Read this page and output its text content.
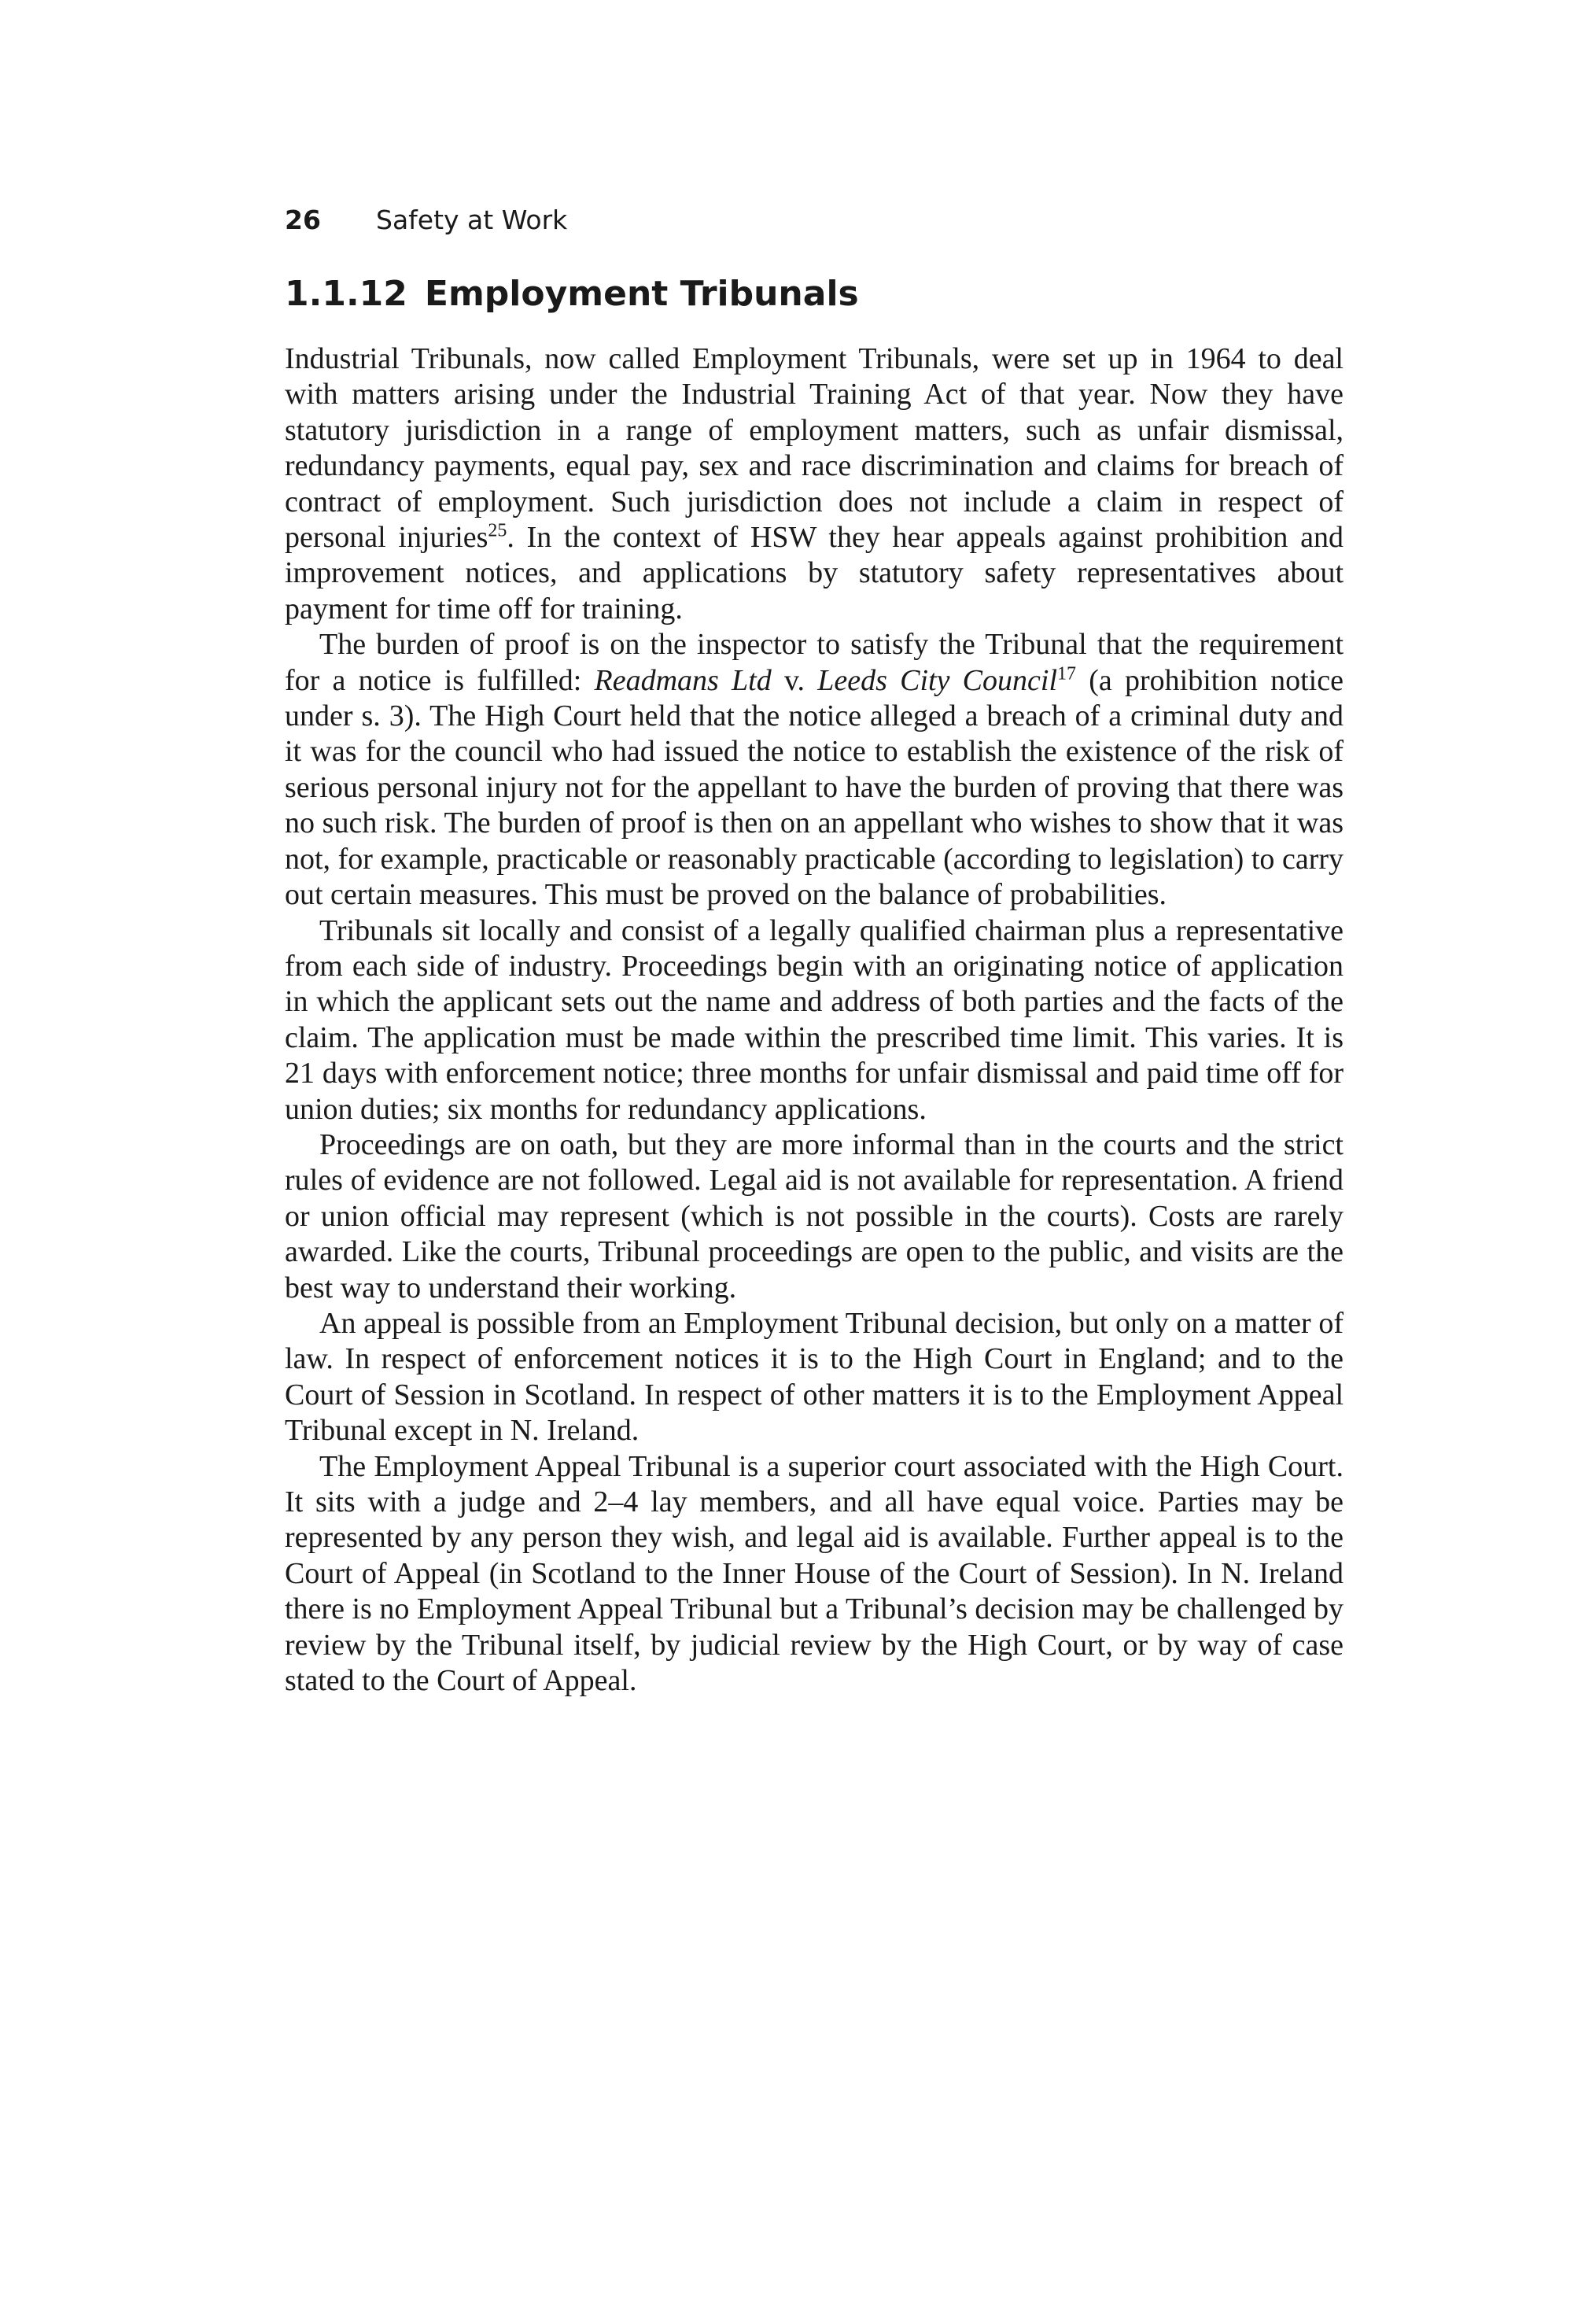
26 Safety at Work
1.1.12 Employment Tribunals

Industrial Tribunals, now called Employment Tribunals, were set up in 1964 to deal with matters arising under the Industrial Training Act of that year. Now they have statutory jurisdiction in a range of employment matters, such as unfair dismissal, redundancy payments, equal pay, sex and race discrimination and claims for breach of contract of employment. Such jurisdiction does not include a claim in respect of personal injuries$^{25}$. In the context of HSW they hear appeals against prohibition and improvement notices, and applications by statutory safety representatives about payment for time off for training.

The burden of proof is on the inspector to satisfy the Tribunal that the requirement for a notice is fulfilled: Readmans Ltd v. Leeds City Council$^{17}$ (a prohibition notice under s. 3). The High Court held that the notice alleged a breach of a criminal duty and it was for the council who had issued the notice to establish the existence of the risk of serious personal injury not for the appellant to have the burden of proving that there was no such risk. The burden of proof is then on an appellant who wishes to show that it was not, for example, practicable or reasonably practicable (according to legislation) to carry out certain measures. This must be proved on the balance of probabilities.

Tribunals sit locally and consist of a legally qualified chairman plus a representative from each side of industry. Proceedings begin with an originating notice of application in which the applicant sets out the name and address of both parties and the facts of the claim. The application must be made within the prescribed time limit. This varies. It is 21 days with enforcement notice; three months for unfair dismissal and paid time off for union duties; six months for redundancy applications.

Proceedings are on oath, but they are more informal than in the courts and the strict rules of evidence are not followed. Legal aid is not available for representation. A friend or union official may represent (which is not possible in the courts). Costs are rarely awarded. Like the courts, Tribunal proceedings are open to the public, and visits are the best way to understand their working.

An appeal is possible from an Employment Tribunal decision, but only on a matter of law. In respect of enforcement notices it is to the High Court in England; and to the Court of Session in Scotland. In respect of other matters it is to the Employment Appeal Tribunal except in N. Ireland.

The Employment Appeal Tribunal is a superior court associated with the High Court. It sits with a judge and 2–4 lay members, and all have equal voice. Parties may be represented by any person they wish, and legal aid is available. Further appeal is to the Court of Appeal (in Scotland to the Inner House of the Court of Session). In N. Ireland there is no Employment Appeal Tribunal but a Tribunal’s decision may be challenged by review by the Tribunal itself, by judicial review by the High Court, or by way of case stated to the Court of Appeal.
